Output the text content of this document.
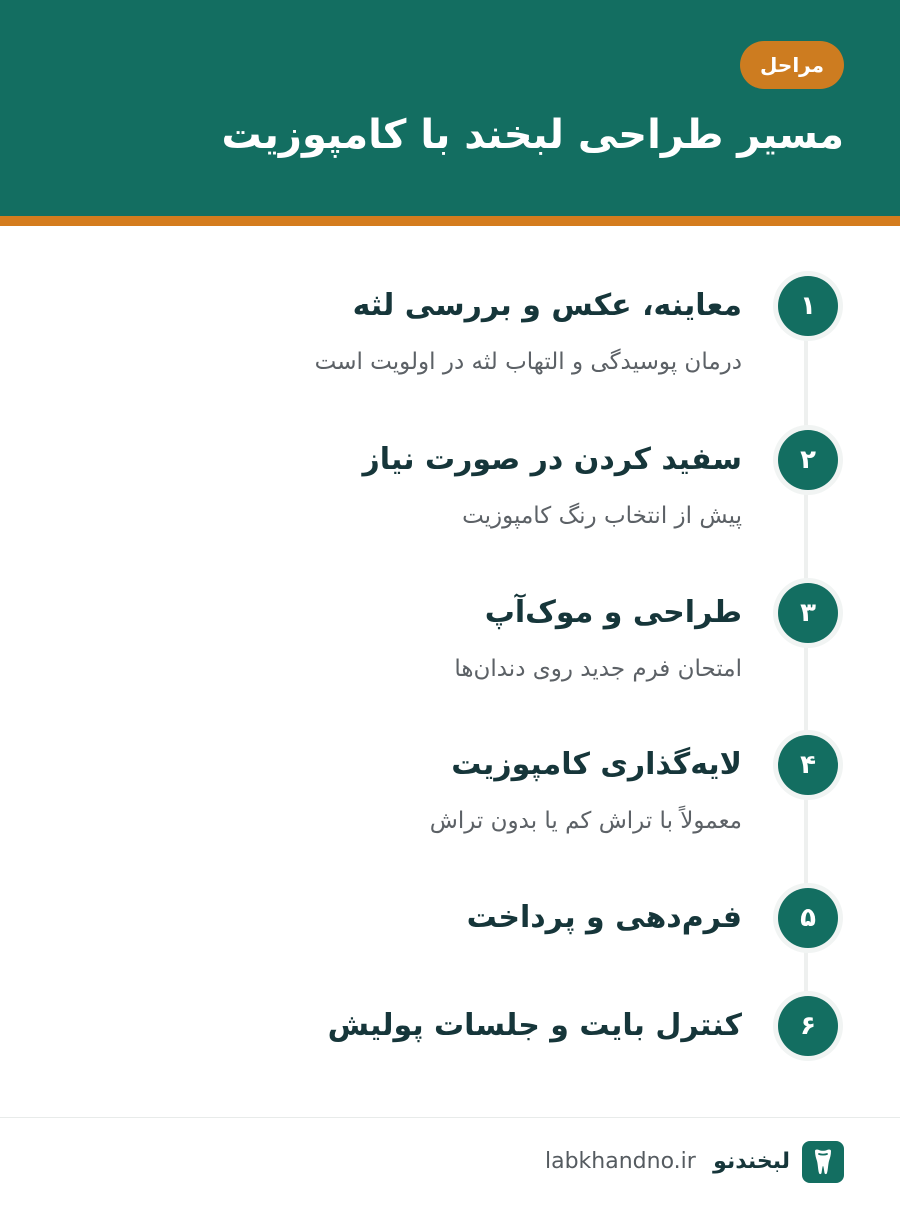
مراحل
مسیر طراحی لبخند با کامپوزیت
۱
معاینه، عکس و بررسی لثه

درمان پوسیدگی و التهاب لثه در اولویت است

۲
سفید کردن در صورت نیاز

پیش از انتخاب رنگ کامپوزیت

۳
طراحی و موک‌آپ

امتحان فرم جدید روی دندان‌ها

۴
لایه‌گذاری کامپوزیت

معمولاً با تراش کم یا بدون تراش

۵
فرم‌دهی و پرداخت
۶
کنترل بایت و جلسات پولیش
لبخندنو
labkhandno.ir
